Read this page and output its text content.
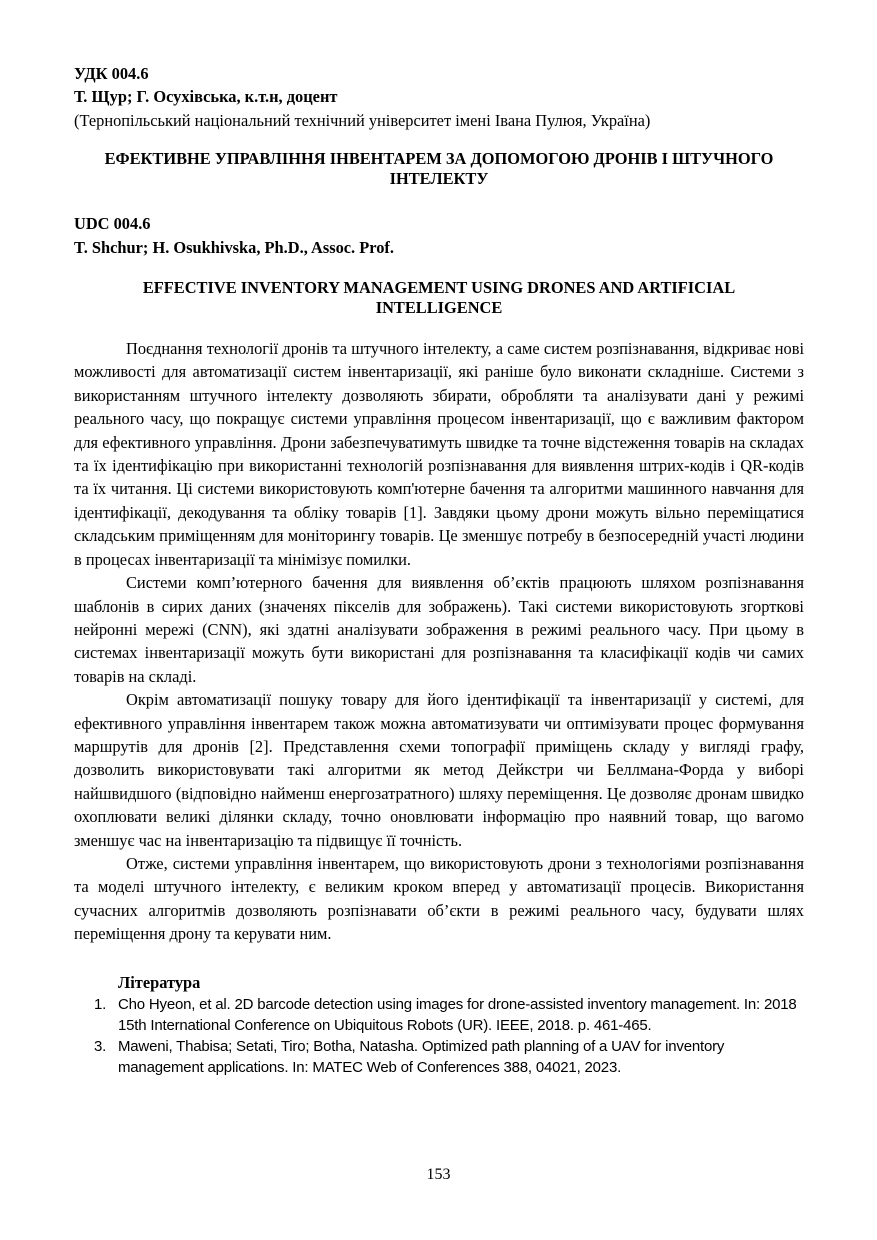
УДК 004.6
Т. Щур; Г. Осухівська, к.т.н, доцент
(Тернопільський національний технічний університет імені Івана Пулюя, Україна)
ЕФЕКТИВНЕ УПРАВЛІННЯ ІНВЕНТАРЕМ ЗА ДОПОМОГОЮ ДРОНІВ І ШТУЧНОГО
ІНТЕЛЕКТУ
UDC 004.6
T. Shchur; H. Osukhivska, Ph.D., Assoc. Prof.
EFFECTIVE INVENTORY MANAGEMENT USING DRONES AND ARTIFICIAL
INTELLIGENCE

Поєднання технології дронів та штучного інтелекту, а саме систем розпізнавання, відкриває нові можливості для автоматизації систем інвентаризації, які раніше було виконати складніше. Системи з використанням штучного інтелекту дозволяють збирати, обробляти та аналізувати дані у режимі реального часу, що покращує системи управління процесом інвентаризації, що є важливим фактором для ефективного управління. Дрони забезпечуватимуть швидке та точне відстеження товарів на складах та їх ідентифікацію при використанні технологій розпізнавання для виявлення штрих-кодів і QR-кодів та їх читання. Ці системи використовують комп'ютерне бачення та алгоритми машинного навчання для ідентифікації, декодування та обліку товарів [1]. Завдяки цьому дрони можуть вільно переміщатися складським приміщенням для моніторингу товарів. Це зменшує потребу в безпосередній участі людини в процесах інвентаризації та мінімізує помилки.

Системи комп’ютерного бачення для виявлення об’єктів працюють шляхом розпізнавання шаблонів в сирих даних (значенях пікселів для зображень). Такі системи використовують згорткові нейронні мережі (CNN), які здатні аналізувати зображення в режимі реального часу. При цьому в системах інвентаризації можуть бути використані для розпізнавання та класифікації кодів чи самих товарів на складі.

Окрім автоматизації пошуку товару для його ідентифікації та інвентаризації у системі, для ефективного управління інвентарем також можна автоматизувати чи оптимізувати процес формування маршрутів для дронів [2]. Представлення схеми топографії приміщень складу у вигляді графу, дозволить використовувати такі алгоритми як метод Дейкстри чи Беллмана-Форда у виборі найшвидшого (відповідно найменш енергозатратного) шляху переміщення. Це дозволяє дронам швидко охоплювати великі ділянки складу, точно оновлювати інформацію про наявний товар, що вагомо зменшує час на інвентаризацію та підвищує її точність.

Отже, системи управління інвентарем, що використовують дрони з технологіями розпізнавання та моделі штучного інтелекту, є великим кроком вперед у автоматизації процесів. Використання сучасних алгоритмів дозволяють розпізнавати об’єкти в режимі реального часу, будувати шлях переміщення дрону та керувати ним.

Література
1. Cho Hyeon, et al. 2D barcode detection using images for drone-assisted inventory management. In: 2018 15th International Conference on Ubiquitous Robots (UR). IEEE, 2018. p. 461-465.
3. Maweni, Thabisa; Setati, Tiro; Botha, Natasha. Optimized path planning of a UAV for inventory management applications. In: MATEC Web of Conferences 388, 04021, 2023.
153
